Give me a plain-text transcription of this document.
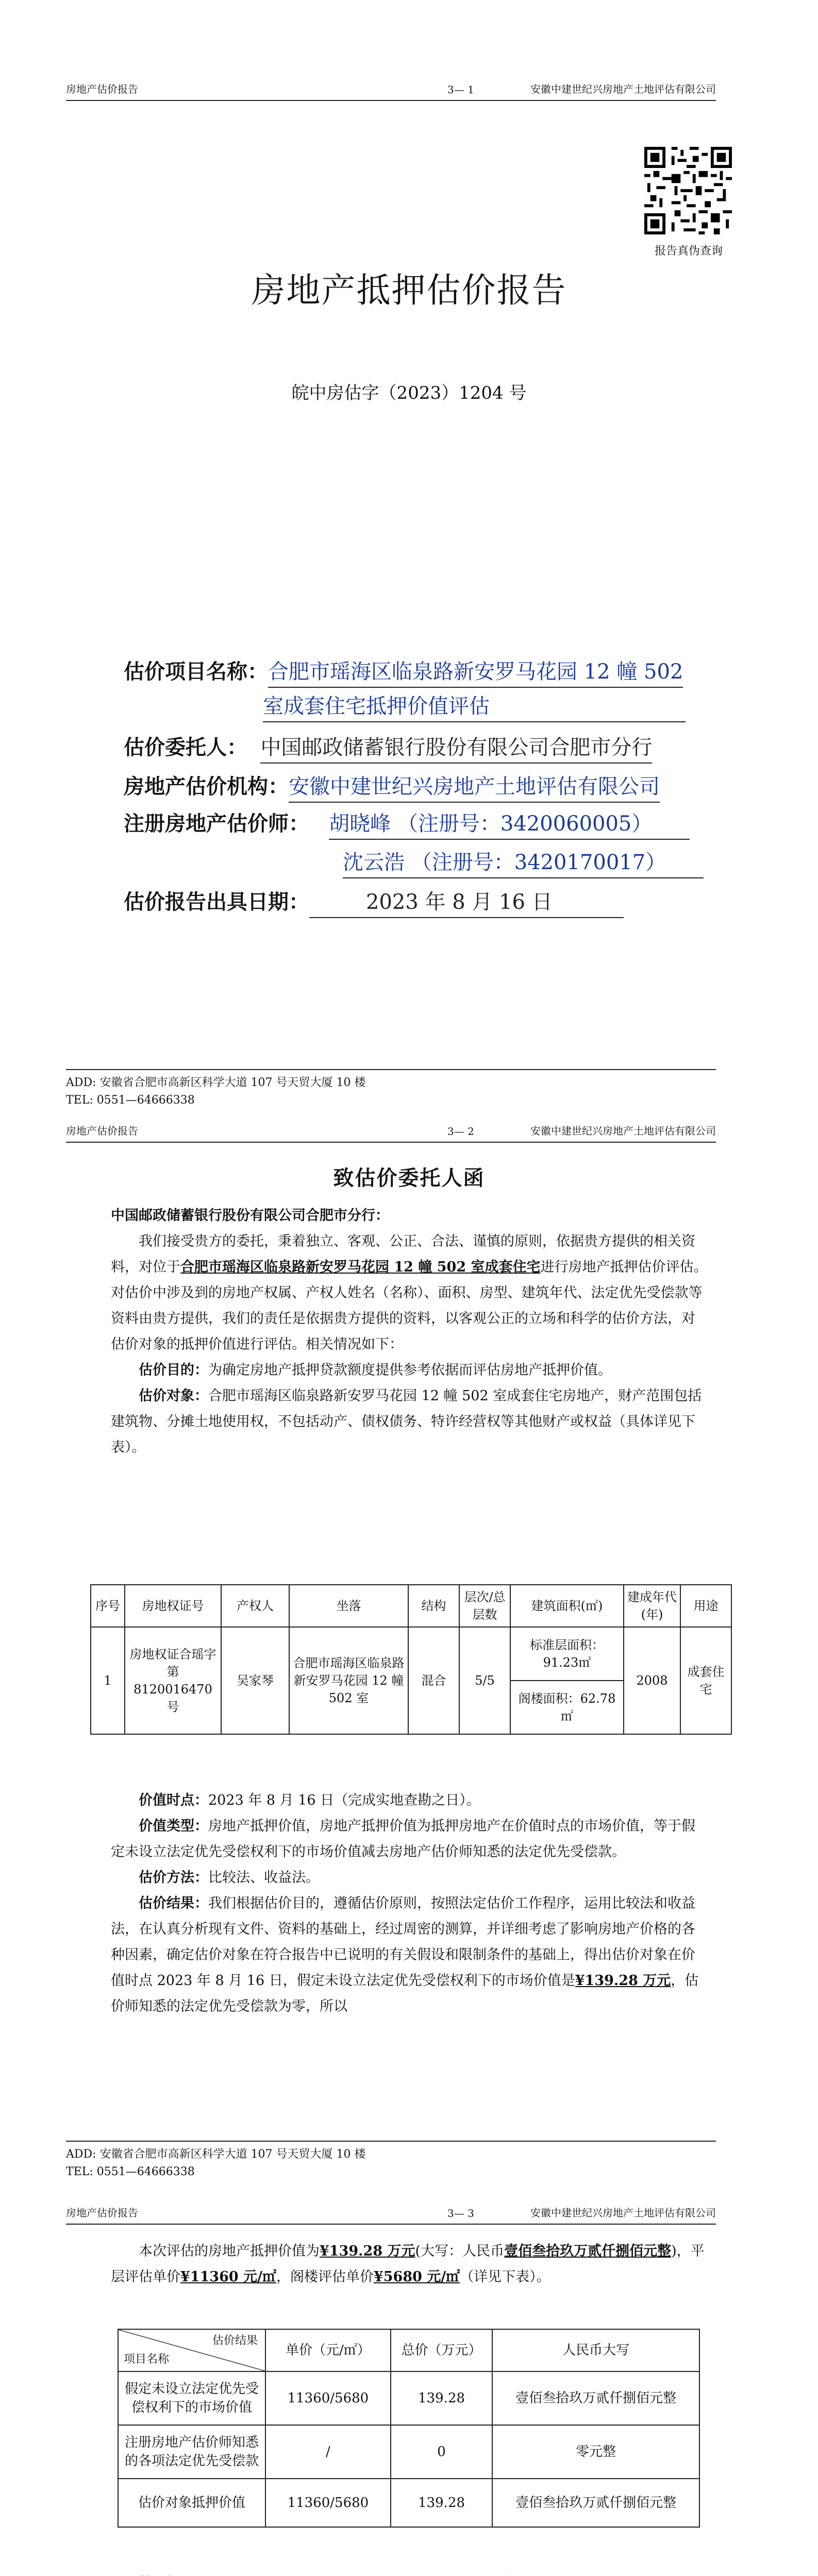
房地产估价报告	3— 1	安徽中建世纪兴房地产土地评估有限公司
报告真伪查询
房地产抵押估价报告
皖中房估字（2023）1204 号
估价项目名称：合肥市瑶海区临泉路新安罗马花园 12 幢 502
室成套住宅抵押价值评估
估价委托人： 中国邮政储蓄银行股份有限公司合肥市分行
房地产估价机构：安徽中建世纪兴房地产土地评估有限公司
注册房地产估价师： 胡晓峰 （注册号：3420060005）
沈云浩 （注册号：3420170017）
估价报告出具日期：	2023 年 8 月 16 日
ADD: 安徽省合肥市高新区科学大道 107 号天贸大厦 10 楼
TEL: 0551—64666338
房地产估价报告	3— 2	安徽中建世纪兴房地产土地评估有限公司
致估价委托人函

中国邮政储蓄银行股份有限公司合肥市分行：

我们接受贵方的委托，秉着独立、客观、公正、合法、谨慎的原则，依据贵方提供的相关资料，对位于合肥市瑶海区临泉路新安罗马花园 12 幢 502 室成套住宅进行房地产抵押估价评估。对估价中涉及到的房地产权属、产权人姓名（名称）、面积、房型、建筑年代、法定优先受偿款等资料由贵方提供，我们的责任是依据贵方提供的资料，以客观公正的立场和科学的估价方法，对估价对象的抵押价值进行评估。相关情况如下：

估价目的：为确定房地产抵押贷款额度提供参考依据而评估房地产抵押价值。

估价对象：合肥市瑶海区临泉路新安罗马花园 12 幢 502 室成套住宅房地产，财产范围包括建筑物、分摊土地使用权，不包括动产、债权债务、特许经营权等其他财产或权益（具体详见下表）。

序号	房地权证号	产权人	坐落	结构	层次/总层数	建筑面积(㎡)	建成年代(年)	用途
1	房地权证合瑶字第 8120016470 号	吴家琴	合肥市瑶海区临泉路新安罗马花园 12 幢 502 室	混合	5/5	标准层面积：91.23㎡	2008	成套住宅
						阁楼面积：62.78㎡		

价值时点：2023 年 8 月 16 日（完成实地查勘之日）。

价值类型：房地产抵押价值，房地产抵押价值为抵押房地产在价值时点的市场价值，等于假定未设立法定优先受偿权利下的市场价值减去房地产估价师知悉的法定优先受偿款。

估价方法：比较法、收益法。

估价结果：我们根据估价目的，遵循估价原则，按照法定估价工作程序，运用比较法和收益法，在认真分析现有文件、资料的基础上，经过周密的测算，并详细考虑了影响房地产价格的各种因素，确定估价对象在符合报告中已说明的有关假设和限制条件的基础上，得出估价对象在价值时点 2023 年 8 月 16 日，假定未设立法定优先受偿权利下的市场价值是¥139.28 万元，估价师知悉的法定优先受偿款为零，所以

ADD: 安徽省合肥市高新区科学大道 107 号天贸大厦 10 楼
TEL: 0551—64666338
房地产估价报告	3— 3	安徽中建世纪兴房地产土地评估有限公司

本次评估的房地产抵押价值为¥139.28 万元(大写：人民币壹佰叁拾玖万贰仟捌佰元整)，平层评估单价¥11360 元/㎡，阁楼评估单价¥5680 元/㎡（详见下表）。

估价结果
项目名称	单价（元/㎡）	总价（万元）	人民币大写
假定未设立法定优先受偿权利下的市场价值	11360/5680	139.28	壹佰叁拾玖万贰仟捌佰元整
注册房地产估价师知悉的各项法定优先受偿款	/	0	零元整
估价对象抵押价值	11360/5680	139.28	壹佰叁拾玖万贰仟捌佰元整
